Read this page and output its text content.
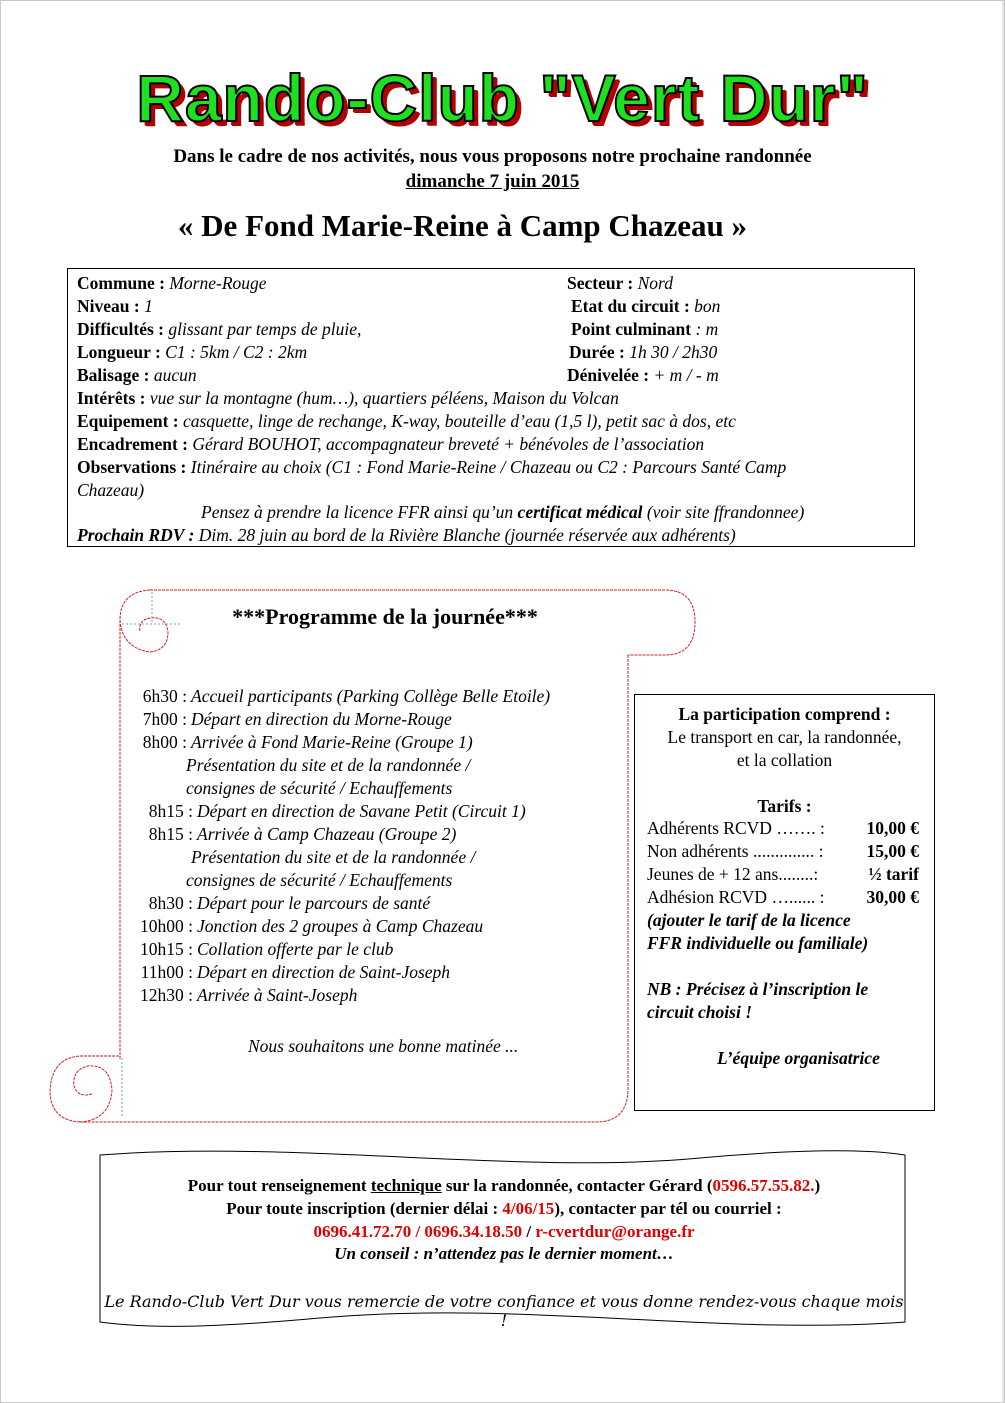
Rando-Club "Vert Dur"
Dans le cadre de nos activités, nous vous proposons notre prochaine randonnée
dimanche 7 juin 2015
« De Fond Marie-Reine à Camp Chazeau »
Commune : Morne-Rouge	Secteur : Nord
Niveau : 1	Etat du circuit : bon
Difficultés : glissant par temps de pluie,	Point culminant : m
Longueur : C1 : 5km / C2 : 2km	Durée : 1h 30 / 2h30
Balisage : aucun	Dénivelée : + m / - m
Intérêts : vue sur la montagne (hum…), quartiers péléens, Maison du Volcan
Equipement : casquette, linge de rechange, K-way, bouteille d’eau (1,5 l), petit sac à dos, etc
Encadrement : Gérard BOUHOT, accompagnateur breveté + bénévoles de l’association
Observations : Itinéraire au choix (C1 : Fond Marie-Reine / Chazeau ou C2 : Parcours Santé Camp
Chazeau)
Pensez à prendre la licence FFR ainsi qu’un certificat médical (voir site ffrandonnee)
Prochain RDV : Dim. 28 juin au bord de la Rivière Blanche (journée réservée aux adhérents)
***Programme de la journée***
6h30 : Accueil participants (Parking Collège Belle Etoile)
7h00 : Départ en direction du Morne-Rouge
8h00 : Arrivée à Fond Marie-Reine (Groupe 1)
Présentation du site et de la randonnée /
consignes de sécurité / Echauffements
8h15 : Départ en direction de Savane Petit (Circuit 1)
8h15 : Arrivée à Camp Chazeau (Groupe 2)
Présentation du site et de la randonnée /
consignes de sécurité / Echauffements
8h30 : Départ pour le parcours de santé
10h00 : Jonction des 2 groupes à Camp Chazeau
10h15 : Collation offerte par le club
11h00 : Départ en direction de Saint-Joseph
12h30 : Arrivée à Saint-Joseph
Nous souhaitons une bonne matinée ...
La participation comprend :
Le transport en car, la randonnée,
et la collation
Tarifs :
Adhérents RCVD ……. :	10,00 €
Non adhérents .............. :	15,00 €
Jeunes de + 12 ans........:	½ tarif
Adhésion RCVD …...... :	30,00 €
(ajouter le tarif de la licence
FFR individuelle ou familiale)
NB : Précisez à l’inscription le
circuit choisi !
L’équipe organisatrice
Pour tout renseignement technique sur la randonnée, contacter Gérard (0596.57.55.82.)
Pour toute inscription (dernier délai : 4/06/15), contacter par tél ou courriel :
0696.41.72.70 / 0696.34.18.50 / r-cvertdur@orange.fr
Un conseil : n’attendez pas le dernier moment…
Le Rando-Club Vert Dur vous remercie de votre confiance et vous donne rendez-vous chaque mois !
